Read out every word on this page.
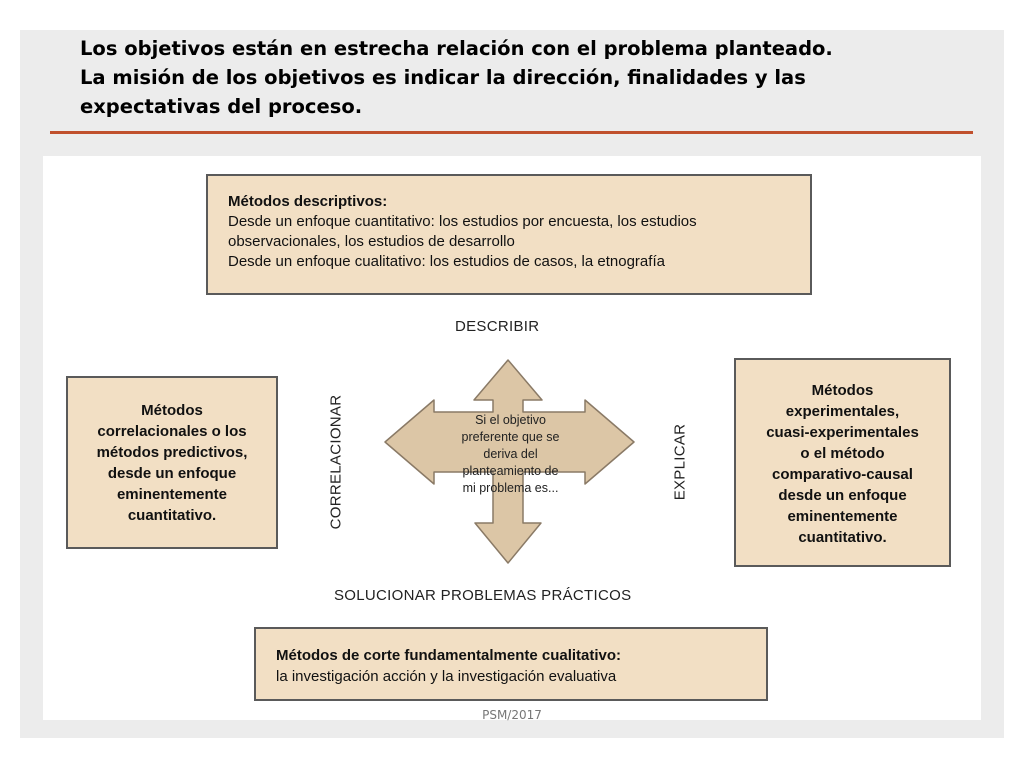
Los objetivos están en estrecha relación con el problema planteado.
La misión de los objetivos es indicar la dirección, finalidades y las
expectativas del proceso.
Métodos descriptivos:
Desde un enfoque cuantitativo: los estudios por encuesta, los estudios
observacionales, los estudios de desarrollo
Desde un enfoque cualitativo: los estudios de casos, la etnografía
Métodos
correlacionales o los
métodos predictivos,
desde un enfoque
eminentemente
cuantitativo.
Métodos
experimentales,
cuasi-experimentales
o el método
comparativo-causal
desde un enfoque
eminentemente
cuantitativo.
Métodos de corte fundamentalmente cualitativo:
la investigación acción y la investigación evaluativa
DESCRIBIR
SOLUCIONAR PROBLEMAS PRÁCTICOS
CORRELACIONAR	EXPLICAR
Si el objetivo
preferente que se
deriva del
planteamiento de
mi problema es...
PSM/2017
